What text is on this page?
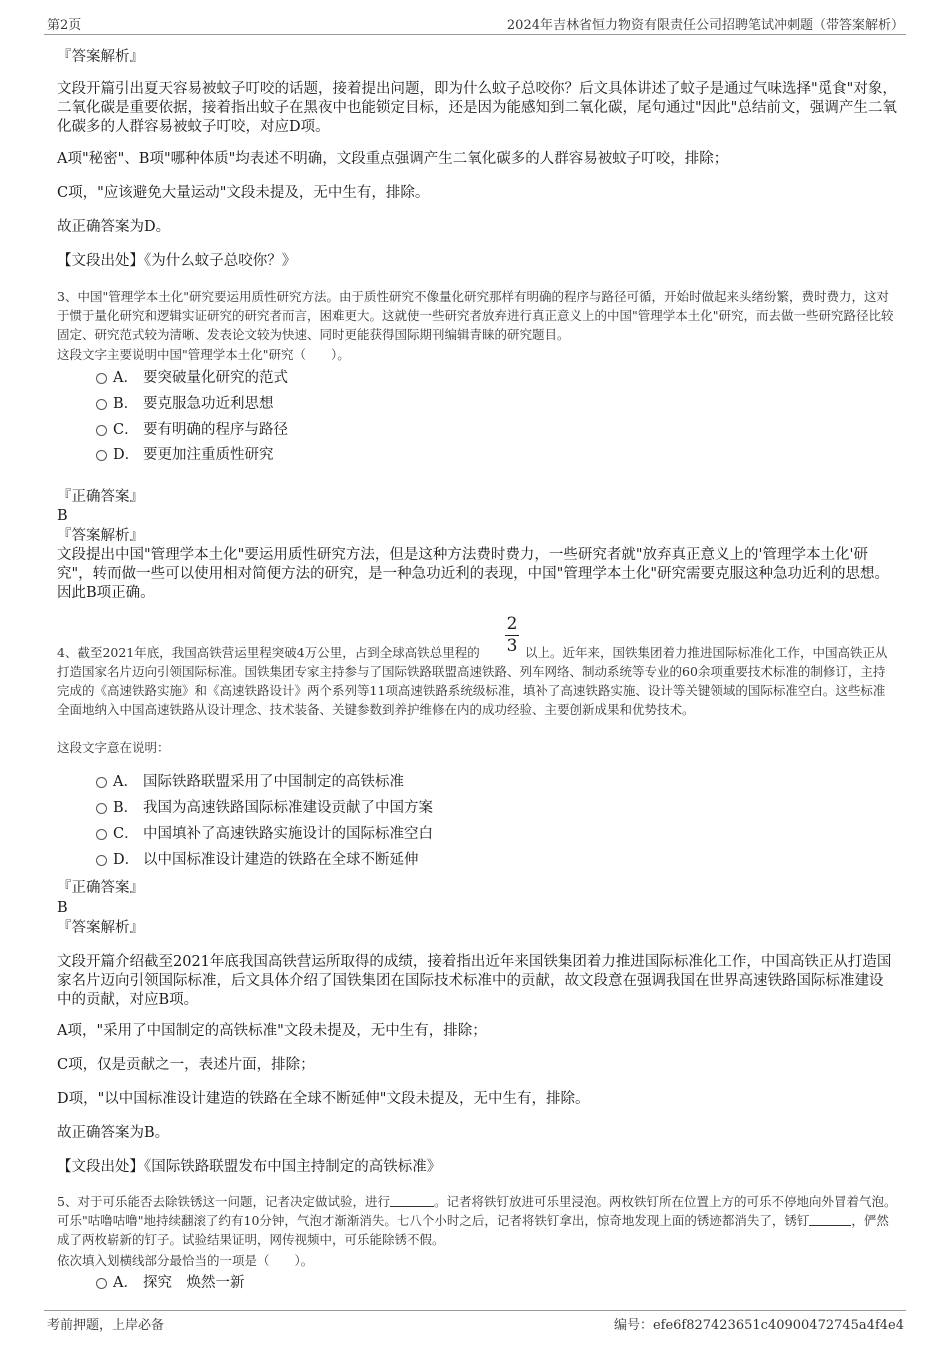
第2页	2024年吉林省恒力物资有限责任公司招聘笔试冲刺题（带答案解析）
『答案解析』
文段开篇引出夏天容易被蚊子叮咬的话题，接着提出问题，即为什么蚊子总咬你？后文具体讲述了蚊子是通过气味选择"觅食"对象，二氧化碳是重要依据，接着指出蚊子在黑夜中也能锁定目标，还是因为能感知到二氧化碳，尾句通过"因此"总结前文，强调产生二氧化碳多的人群容易被蚊子叮咬，对应D项。
A项"秘密"、B项"哪种体质"均表述不明确，文段重点强调产生二氧化碳多的人群容易被蚊子叮咬，排除；
C项，"应该避免大量运动"文段未提及，无中生有，排除。
故正确答案为D。
【文段出处】《为什么蚊子总咬你？》
3、中国"管理学本土化"研究要运用质性研究方法。由于质性研究不像量化研究那样有明确的程序与路径可循，开始时做起来头绪纷繁，费时费力，这对于惯于量化研究和逻辑实证研究的研究者而言，困难更大。这就使一些研究者放弃进行真正意义上的中国"管理学本土化"研究，而去做一些研究路径比较固定、研究范式较为清晰、发表论文较为快速、同时更能获得国际期刊编辑青睐的研究题目。
这段文字主要说明中国"管理学本土化"研究（　　）。
A． 要突破量化研究的范式
B． 要克服急功近利思想
C． 要有明确的程序与路径
D． 要更加注重质性研究
『正确答案』
B
『答案解析』
文段提出中国"管理学本土化"要运用质性研究方法，但是这种方法费时费力，一些研究者就"放弃真正意义上的'管理学本土化'研究"，转而做一些可以使用相对简便方法的研究，是一种急功近利的表现，中国"管理学本土化"研究需要克服这种急功近利的思想。因此B项正确。
4、截至2021年底，我国高铁营运里程突破4万公里，占到全球高铁总里程的
2
3 以上。近年来，国铁集团着力推进国际标准化工作，中国高铁正从打造国家名片迈向引领国际标准。国铁集团专家主持参与了国际铁路联盟高速铁路、列车网络、制动系统等专业的60余项重要技术标准的制修订，主持完成的《高速铁路实施》和《高速铁路设计》两个系列等11项高速铁路系统级标准，填补了高速铁路实施、设计等关键领域的国际标准空白。这些标准全面地纳入中国高速铁路从设计理念、技术装备、关键参数到养护维修在内的成功经验、主要创新成果和优势技术。
这段文字意在说明：
A． 国际铁路联盟采用了中国制定的高铁标准
B． 我国为高速铁路国际标准建设贡献了中国方案
C． 中国填补了高速铁路实施设计的国际标准空白
D． 以中国标准设计建造的铁路在全球不断延伸
『正确答案』
B
『答案解析』
文段开篇介绍截至2021年底我国高铁营运所取得的成绩，接着指出近年来国铁集团着力推进国际标准化工作，中国高铁正从打造国家名片迈向引领国际标准，后文具体介绍了国铁集团在国际技术标准中的贡献，故文段意在强调我国在世界高速铁路国际标准建设中的贡献，对应B项。
A项，"采用了中国制定的高铁标准"文段未提及，无中生有，排除；
C项，仅是贡献之一，表述片面，排除；
D项，"以中国标准设计建造的铁路在全球不断延伸"文段未提及，无中生有，排除。
故正确答案为B。
【文段出处】《国际铁路联盟发布中国主持制定的高铁标准》
5、对于可乐能否去除铁锈这一问题，记者决定做试验，进行	。记者将铁钉放进可乐里浸泡。两枚铁钉所在位置上方的可乐不停地向外冒着气泡。可乐"咕噜咕噜"地持续翻滚了约有10分钟，气泡才渐渐消失。七八个小时之后，记者将铁钉拿出，惊奇地发现上面的锈迹都消失了，锈钉	，俨然成了两枚崭新的钉子。试验结果证明，网传视频中，可乐能除锈不假。
依次填入划横线部分最恰当的一项是（　　）。
A． 探究　焕然一新
考前押题，上岸必备	编号：efe6f827423651c40900472745a4f4e4
